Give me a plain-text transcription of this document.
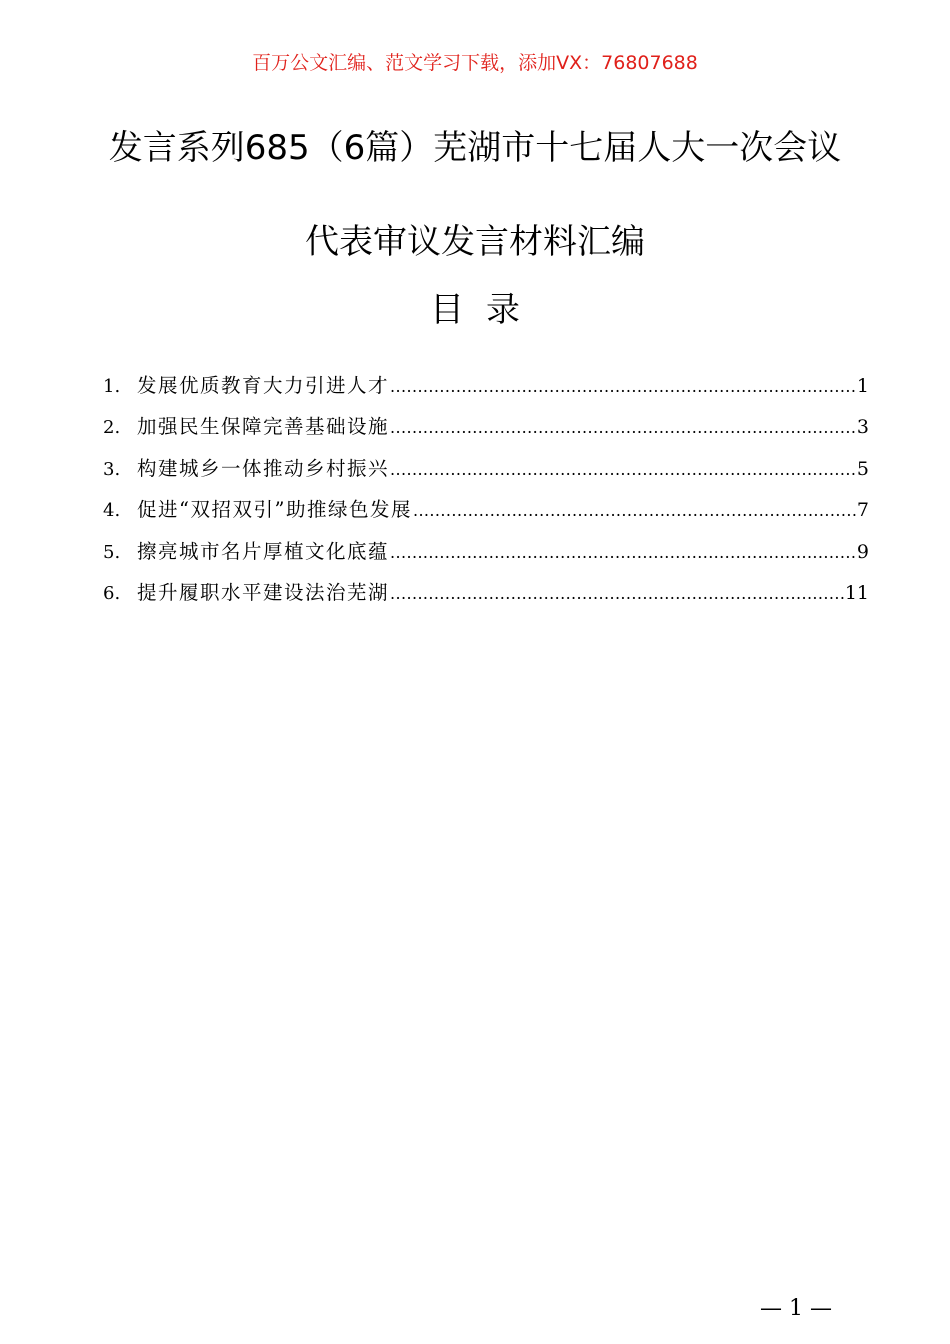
百万公文汇编、范文学习下载，添加VX：76807688
发言系列685（6篇）芜湖市十七届人大一次会议
代表审议发言材料汇编
目录
1. 发展优质教育大力引进人才 .....	1
2. 加强民生保障完善基础设施 .....	3
3. 构建城乡一体推动乡村振兴 .....	5
4. 促进“双招双引”助推绿色发展 .....	7
5. 擦亮城市名片厚植文化底蕴 .....	9
6. 提升履职水平建设法治芜湖 .....	11
— 1 —
